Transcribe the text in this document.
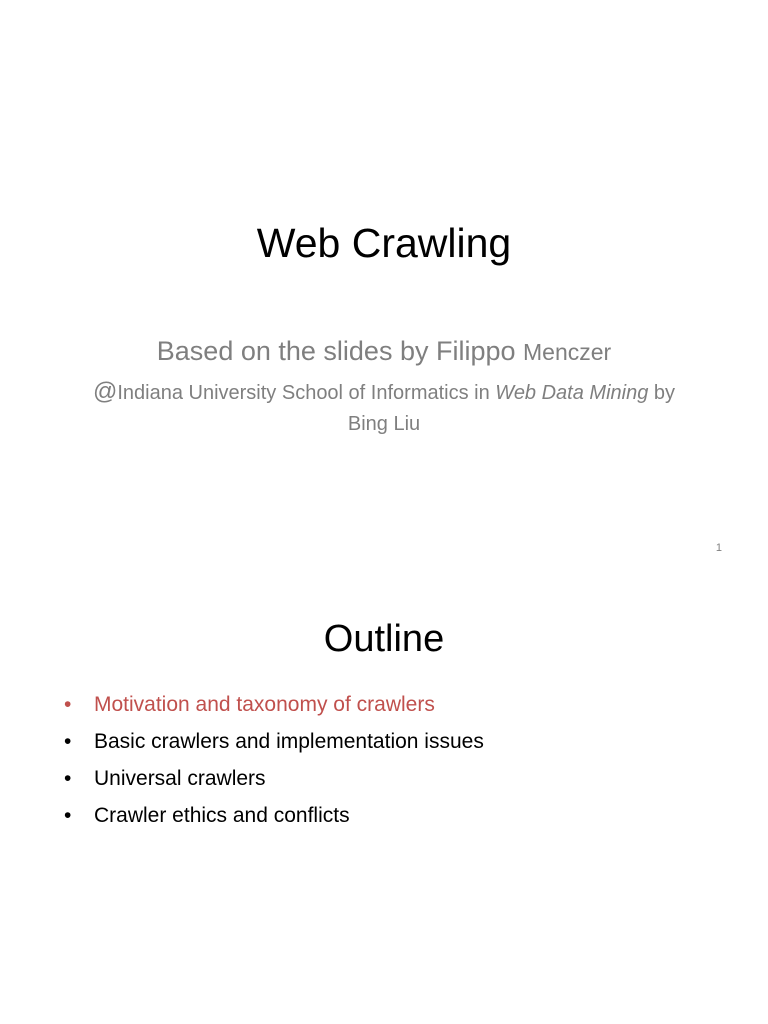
Web Crawling
Based on the slides by Filippo Menczer
@Indiana University School of Informatics in Web Data Mining by Bing Liu
1
Outline
• Motivation and taxonomy of crawlers
• Basic crawlers and implementation issues
• Universal crawlers
• Crawler ethics and conflicts
